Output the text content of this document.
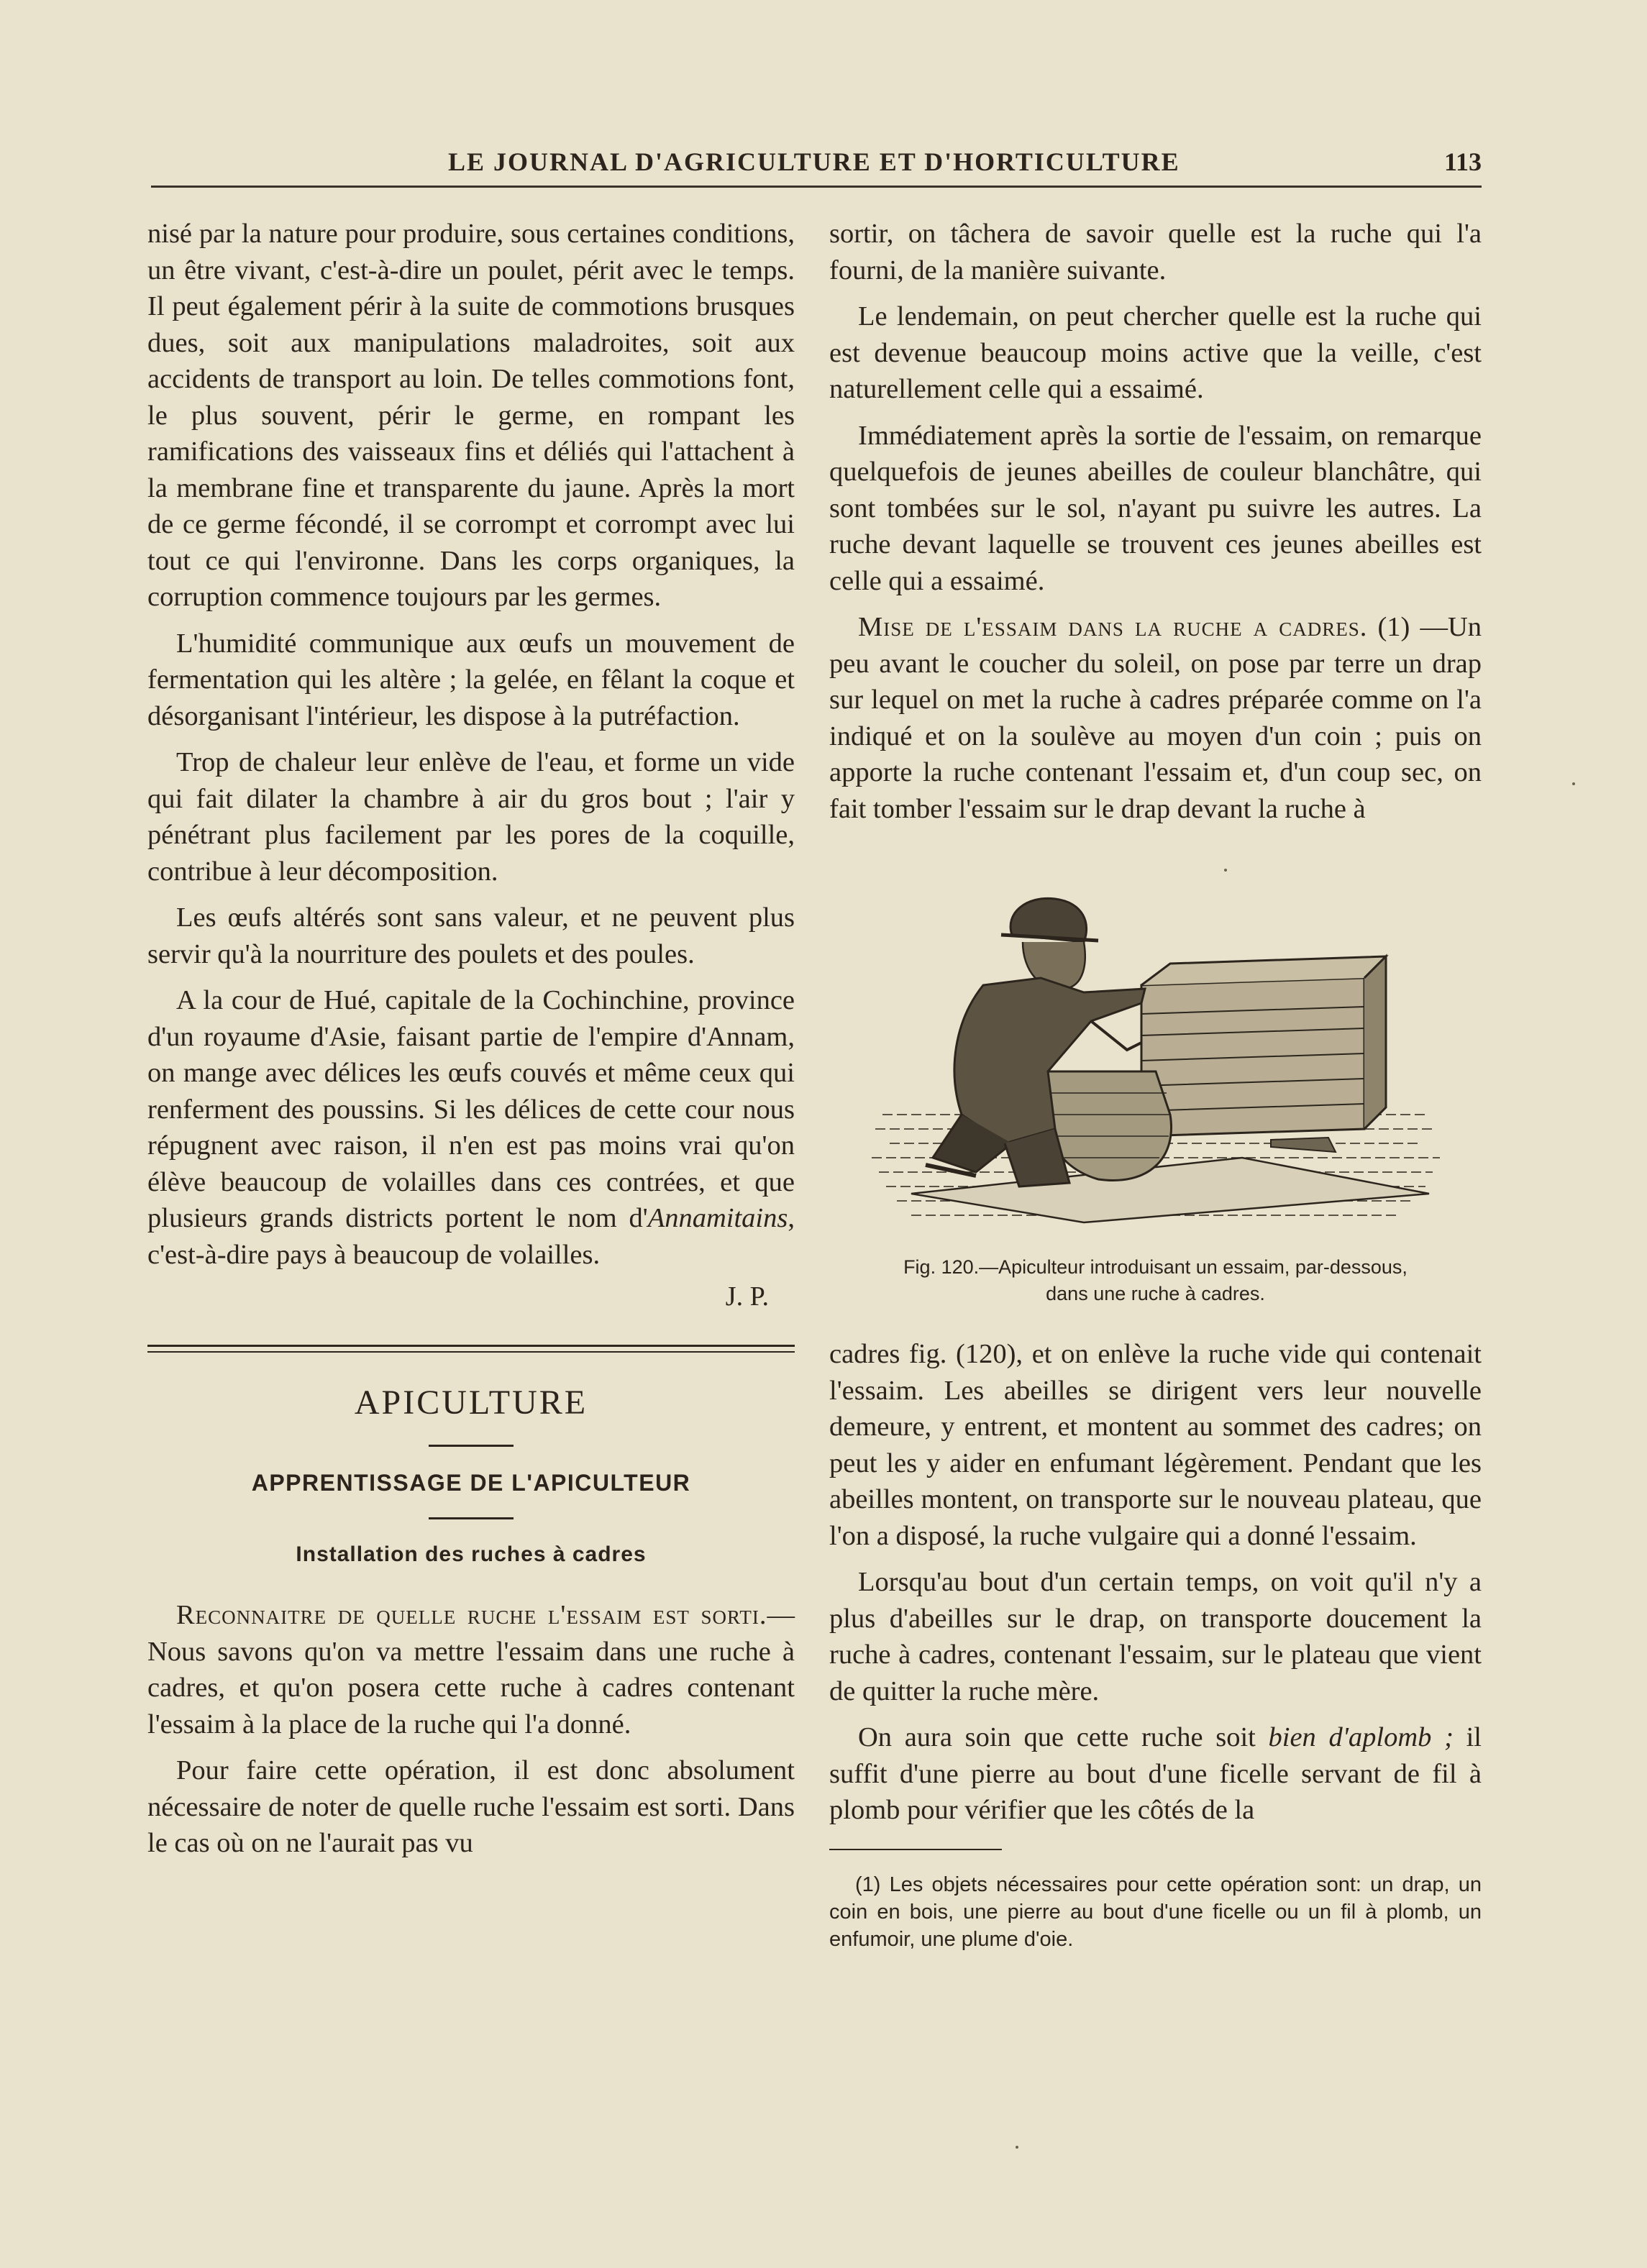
LE JOURNAL D'AGRICULTURE ET D'HORTICULTURE	113

nisé par la nature pour produire, sous certaines conditions, un être vivant, c'est-à-dire un poulet, périt avec le temps. Il peut également périr à la suite de commotions brusques dues, soit aux manipulations maladroites, soit aux accidents de transport au loin. De telles commotions font, le plus souvent, périr le germe, en rompant les ramifications des vaisseaux fins et déliés qui l'attachent à la membrane fine et transparente du jaune. Après la mort de ce germe fécondé, il se corrompt et corrompt avec lui tout ce qui l'environne. Dans les corps organiques, la corruption commence toujours par les germes.

L'humidité communique aux œufs un mouvement de fermentation qui les altère ; la gelée, en fêlant la coque et désorganisant l'intérieur, les dispose à la putréfaction.

Trop de chaleur leur enlève de l'eau, et forme un vide qui fait dilater la chambre à air du gros bout ; l'air y pénétrant plus facilement par les pores de la coquille, contribue à leur décomposition.

Les œufs altérés sont sans valeur, et ne peuvent plus servir qu'à la nourriture des poulets et des poules.

A la cour de Hué, capitale de la Cochinchine, province d'un royaume d'Asie, faisant partie de l'empire d'Annam, on mange avec délices les œufs couvés et même ceux qui renferment des poussins. Si les délices de cette cour nous répugnent avec raison, il n'en est pas moins vrai qu'on élève beaucoup de volailles dans ces contrées, et que plusieurs grands districts portent le nom d'Annamitains, c'est-à-dire pays à beaucoup de volailles.

J. P.
APICULTURE
APPRENTISSAGE DE L'APICULTEUR
Installation des ruches à cadres

Reconnaitre de quelle ruche l'essaim est sorti.—Nous savons qu'on va mettre l'essaim dans une ruche à cadres, et qu'on posera cette ruche à cadres contenant l'essaim à la place de la ruche qui l'a donné.

Pour faire cette opération, il est donc absolument nécessaire de noter de quelle ruche l'essaim est sorti. Dans le cas où on ne l'aurait pas vu

sortir, on tâchera de savoir quelle est la ruche qui l'a fourni, de la manière suivante.

Le lendemain, on peut chercher quelle est la ruche qui est devenue beaucoup moins active que la veille, c'est naturellement celle qui a essaimé.

Immédiatement après la sortie de l'essaim, on remarque quelquefois de jeunes abeilles de couleur blanchâtre, qui sont tombées sur le sol, n'ayant pu suivre les autres. La ruche devant laquelle se trouvent ces jeunes abeilles est celle qui a essaimé.

Mise de l'essaim dans la ruche a cadres. (1) —Un peu avant le coucher du soleil, on pose par terre un drap sur lequel on met la ruche à cadres préparée comme on l'a indiqué et on la soulève au moyen d'un coin ; puis on apporte la ruche contenant l'essaim et, d'un coup sec, on fait tomber l'essaim sur le drap devant la ruche à

Fig. 120.—Apiculteur introduisant un essaim, par-dessous,
dans une ruche à cadres.

cadres fig. (120), et on enlève la ruche vide qui contenait l'essaim. Les abeilles se dirigent vers leur nouvelle demeure, y entrent, et montent au sommet des cadres; on peut les y aider en enfumant légèrement. Pendant que les abeilles montent, on transporte sur le nouveau plateau, que l'on a disposé, la ruche vulgaire qui a donné l'essaim.

Lorsqu'au bout d'un certain temps, on voit qu'il n'y a plus d'abeilles sur le drap, on transporte doucement la ruche à cadres, contenant l'essaim, sur le plateau que vient de quitter la ruche mère.

On aura soin que cette ruche soit bien d'aplomb ; il suffit d'une pierre au bout d'une ficelle servant de fil à plomb pour vérifier que les côtés de la

(1) Les objets nécessaires pour cette opération sont: un drap, un coin en bois, une pierre au bout d'une ficelle ou un fil à plomb, un enfumoir, une plume d'oie.
